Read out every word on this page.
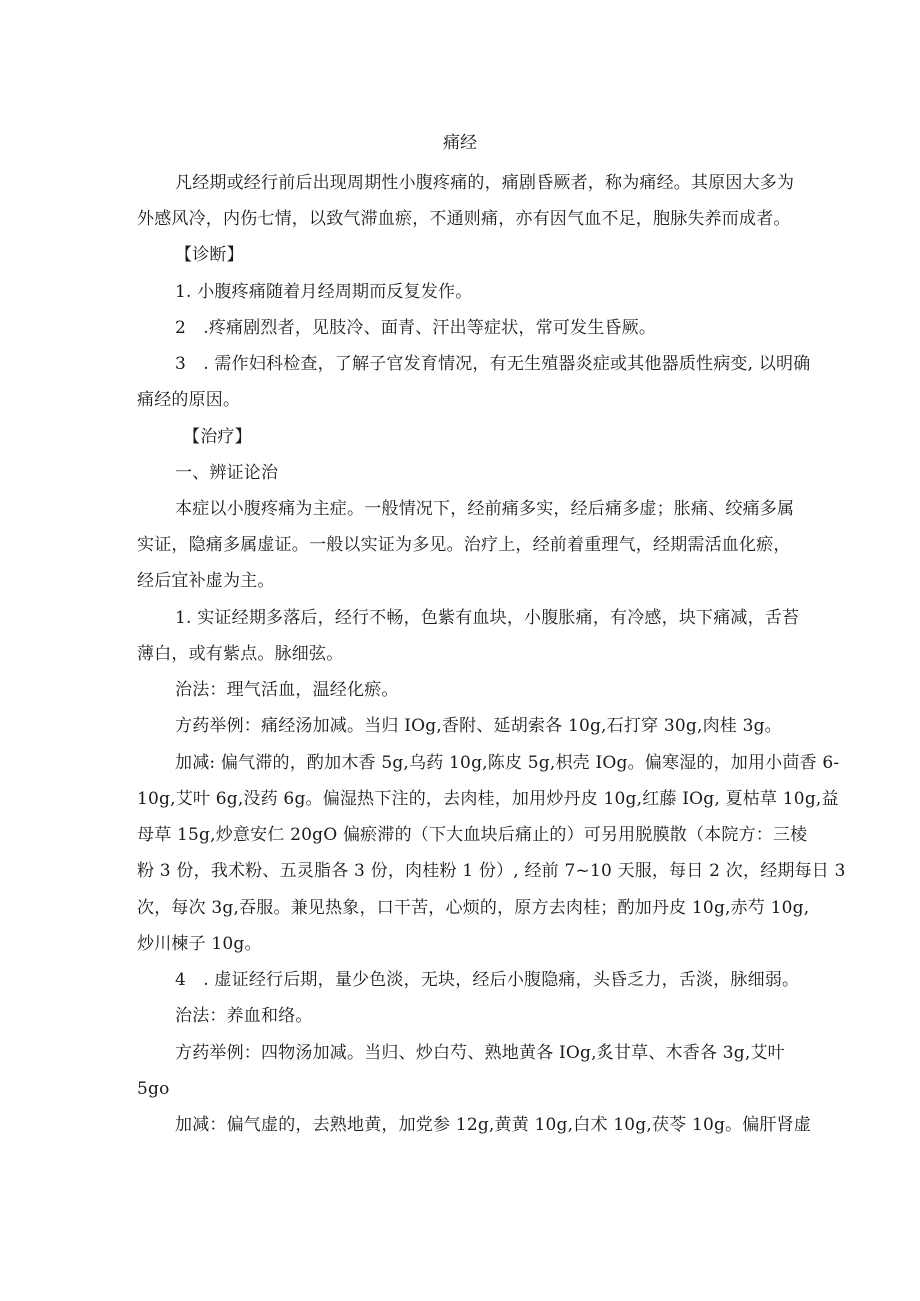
痛经
凡经期或经行前后出现周期性小腹疼痛的，痛剧昏厥者，称为痛经。其原因大多为
外感风冷，内伤七情，以致气滞血瘀，不通则痛，亦有因气血不足，胞脉失养而成者。
【诊断】
1. 小腹疼痛随着月经周期而反复发作。
2　.疼痛剧烈者，见肢冷、面青、汗出等症状，常可发生昏厥。
3　. 需作妇科检查，了解子官发育情况，有无生殖器炎症或其他器质性病变, 以明确
痛经的原因。
【治疗】
一、辨证论治
本症以小腹疼痛为主症。一般情况下，经前痛多实，经后痛多虚；胀痛、绞痛多属
实证，隐痛多属虚证。一般以实证为多见。治疗上，经前着重理气，经期需活血化瘀，
经后宜补虚为主。
1. 实证经期多落后，经行不畅，色紫有血块，小腹胀痛，有冷感，块下痛减，舌苔
薄白，或有紫点。脉细弦。
治法：理气活血，温经化瘀。
方药举例：痛经汤加减。当归 IOg,香附、延胡索各 10g,石打穿 30g,肉桂 3g。
加减: 偏气滞的，酌加木香 5g,乌药 10g,陈皮 5g,枳壳 IOg。偏寒湿的，加用小茴香 6-
10g,艾叶 6g,没药 6g。偏湿热下注的，去肉桂，加用炒丹皮 10g,红藤 IOg, 夏枯草 10g,益
母草 15g,炒意安仁 20gO 偏瘀滞的（下大血块后痛止的）可另用脱膜散（本院方：三棱
粉 3 份，我术粉、五灵脂各 3 份，肉桂粉 1 份）, 经前 7~10 天服，每日 2 次，经期每日 3
次，每次 3g,吞服。兼见热象，口干苦，心烦的，原方去肉桂；酌加丹皮 10g,赤芍 10g,
炒川楝子 10g。
4　. 虚证经行后期，量少色淡，无块，经后小腹隐痛，头昏乏力，舌淡，脉细弱。
治法：养血和络。
方药举例：四物汤加减。当归、炒白芍、熟地黄各 IOg,炙甘草、木香各 3g,艾叶
5go
加减：偏气虚的，去熟地黄，加党参 12g,黄黄 10g,白术 10g,茯苓 10g。偏肝肾虚
